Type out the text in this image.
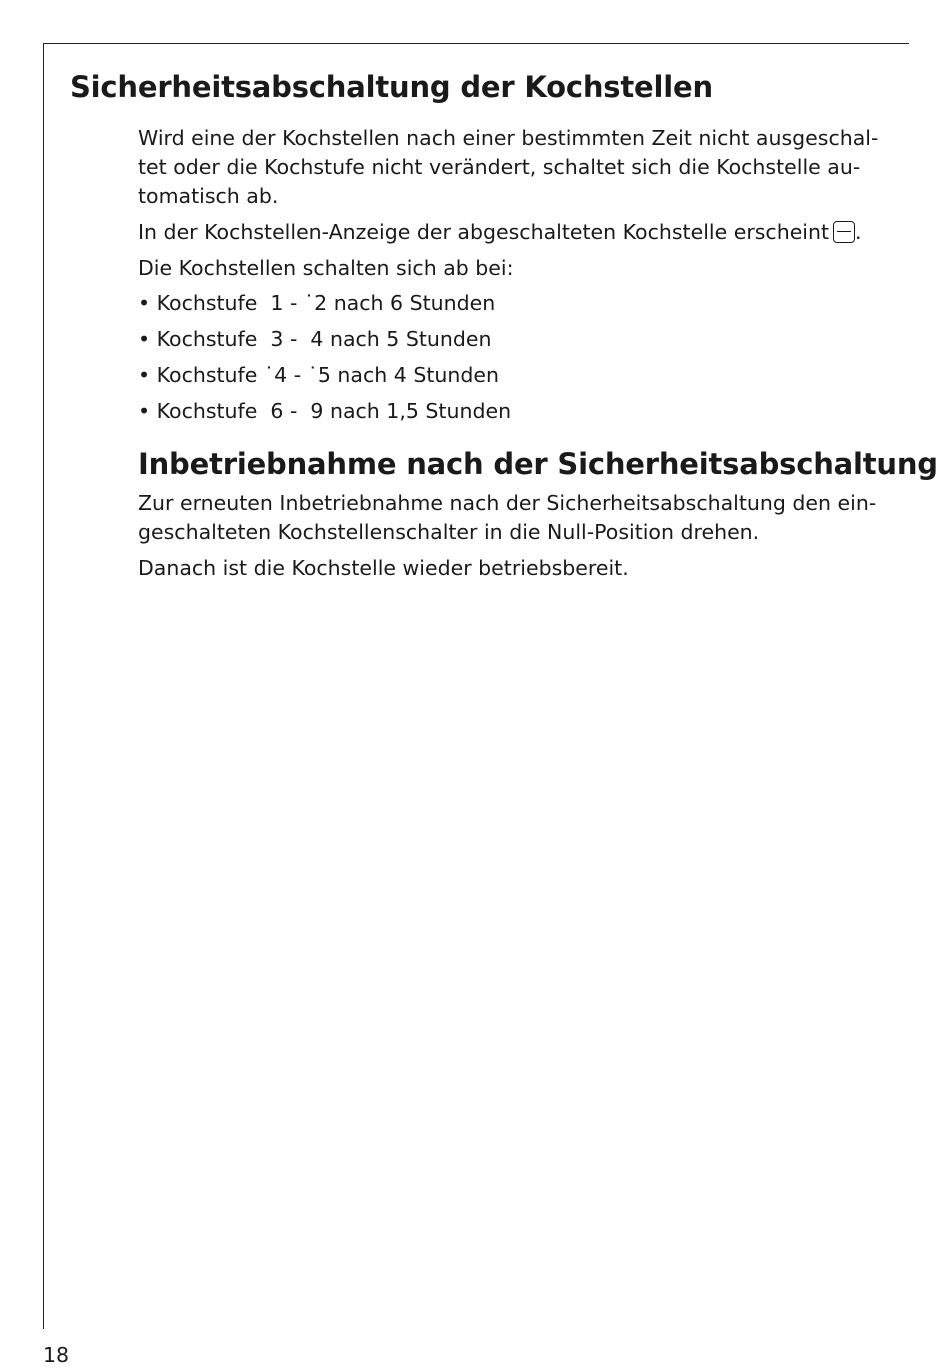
Sicherheitsabschaltung der Kochstellen

Wird eine der Kochstellen nach einer bestimmten Zeit nicht ausgeschal-
tet oder die Kochstufe nicht verändert, schaltet sich die Kochstelle au-
tomatisch ab.

In der Kochstellen-Anzeige der abgeschalteten Kochstelle erscheint .

Die Kochstellen schalten sich ab bei:

• Kochstufe  1 - ˙2 nach 6 Stunden
• Kochstufe  3 -  4 nach 5 Stunden
• Kochstufe ˙4 - ˙5 nach 4 Stunden
• Kochstufe  6 -  9 nach 1,5 Stunden
Inbetriebnahme nach der Sicherheitsabschaltung

Zur erneuten Inbetriebnahme nach der Sicherheitsabschaltung den ein-
geschalteten Kochstellenschalter in die Null-Position drehen.

Danach ist die Kochstelle wieder betriebsbereit.

18
